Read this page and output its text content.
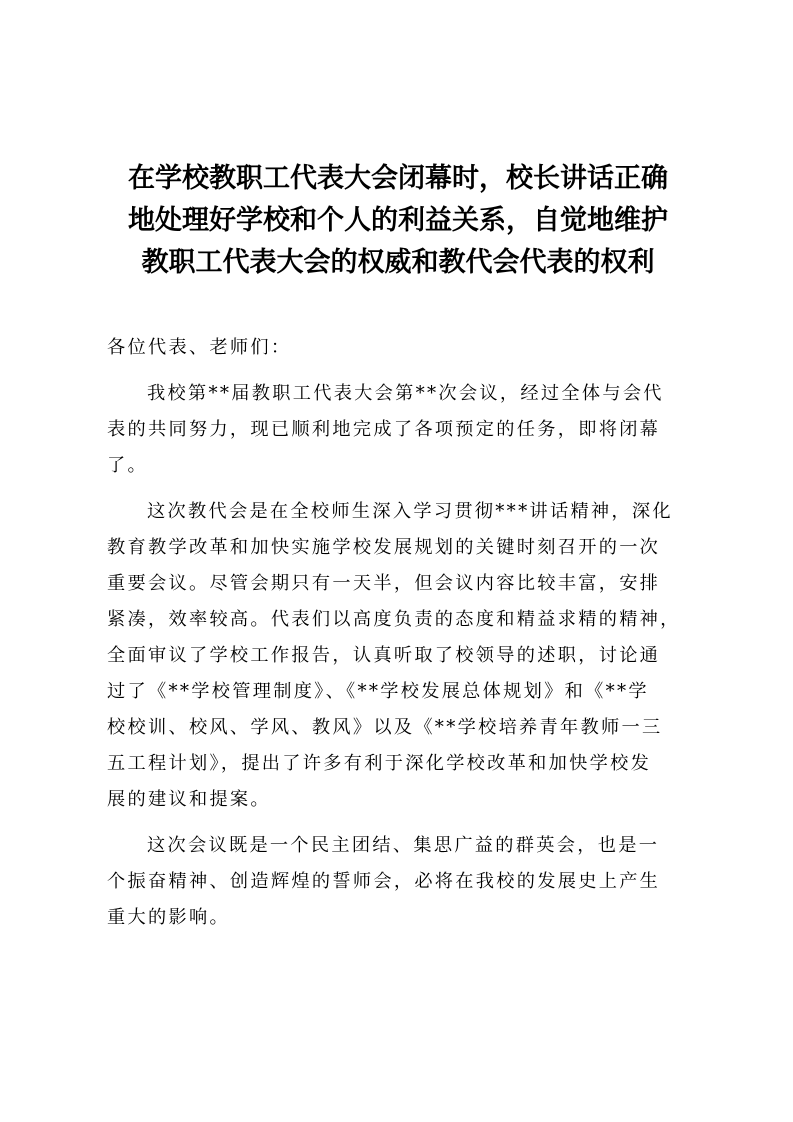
在学校教职工代表大会闭幕时，校长讲话正确
地处理好学校和个人的利益关系，自觉地维护
教职工代表大会的权威和教代会代表的权利

各位代表、老师们：

我校第**届教职工代表大会第**次会议，经过全体与会代
表的共同努力，现已顺利地完成了各项预定的任务，即将闭幕
了。

这次教代会是在全校师生深入学习贯彻***讲话精神，深化
教育教学改革和加快实施学校发展规划的关键时刻召开的一次
重要会议。尽管会期只有一天半，但会议内容比较丰富，安排
紧凑，效率较高。代表们以高度负责的态度和精益求精的精神，
全面审议了学校工作报告，认真听取了校领导的述职，讨论通
过了《**学校管理制度》、《**学校发展总体规划》和《**学
校校训、校风、学风、教风》以及《**学校培养青年教师一三
五工程计划》，提出了许多有利于深化学校改革和加快学校发
展的建议和提案。

这次会议既是一个民主团结、集思广益的群英会，也是一
个振奋精神、创造辉煌的誓师会，必将在我校的发展史上产生
重大的影响。
